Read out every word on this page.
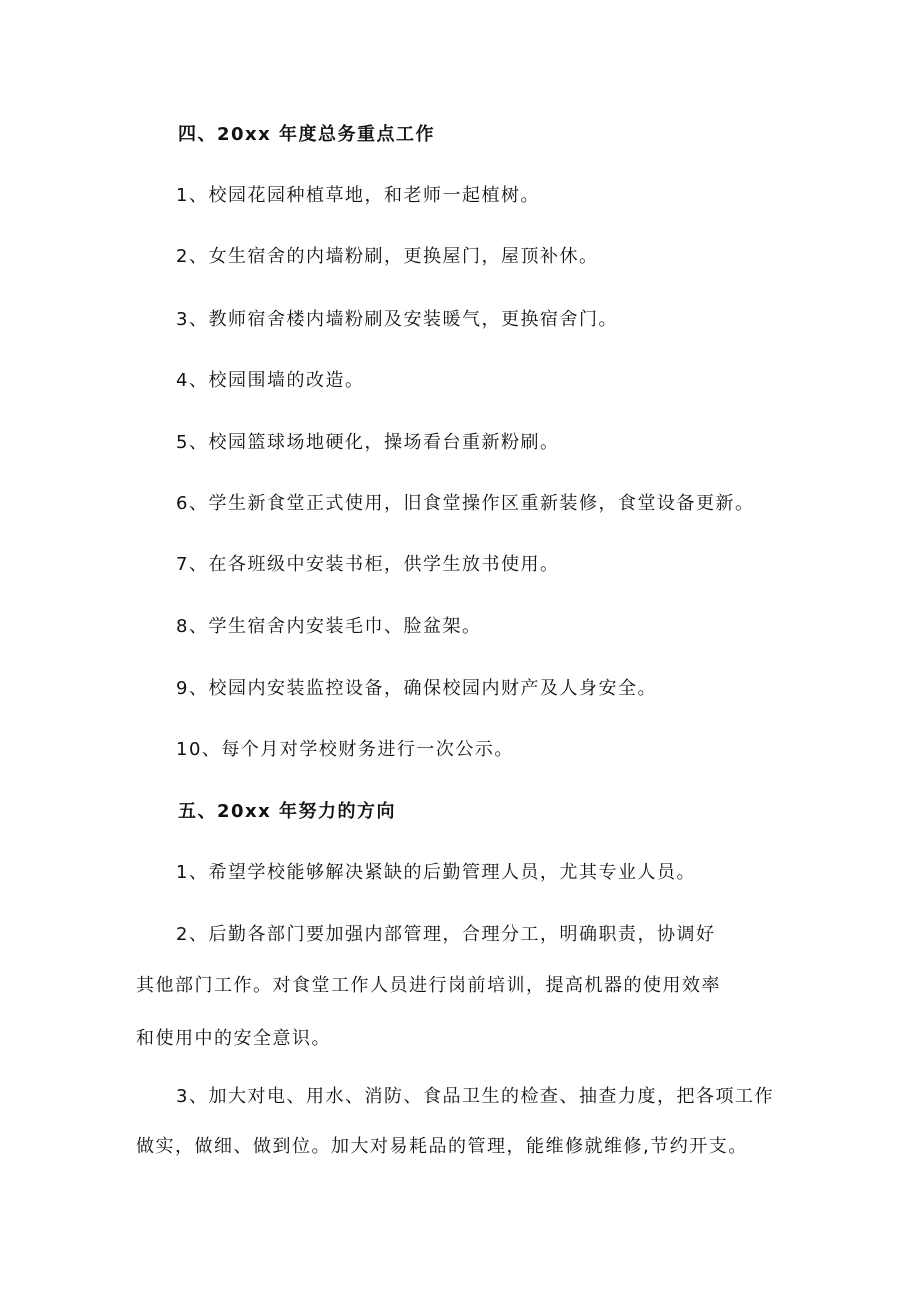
四、20xx 年度总务重点工作
1、校园花园种植草地，和老师一起植树。
2、女生宿舍的内墙粉刷，更换屋门，屋顶补休。
3、教师宿舍楼内墙粉刷及安装暖气，更换宿舍门。
4、校园围墙的改造。
5、校园篮球场地硬化，操场看台重新粉刷。
6、学生新食堂正式使用，旧食堂操作区重新装修，食堂设备更新。
7、在各班级中安装书柜，供学生放书使用。
8、学生宿舍内安装毛巾、脸盆架。
9、校园内安装监控设备，确保校园内财产及人身安全。
10、每个月对学校财务进行一次公示。
五、20xx 年努力的方向
1、希望学校能够解决紧缺的后勤管理人员，尤其专业人员。
2、后勤各部门要加强内部管理，合理分工，明确职责，协调好
其他部门工作。对食堂工作人员进行岗前培训，提高机器的使用效率
和使用中的安全意识。
3、加大对电、用水、消防、食品卫生的检查、抽查力度，把各项工作
做实，做细、做到位。加大对易耗品的管理，能维修就维修,节约开支。
